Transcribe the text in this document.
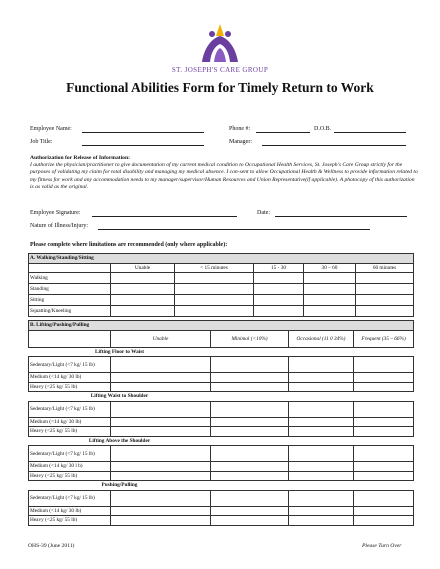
ST. JOSEPH'S CARE GROUP
Functional Abilities Form for Timely Return to Work
Employee Name:	Phone #:	D.O.B.
Job Title:	Manager:
Authorization for Release of Information:
I authorize the physician/practitioner to give documentation of my current medical condition to Occupational Health Services, St. Joseph's Care Group strictly for the purposes of validating my claim for total disability and managing my medical absence. I con-sent to allow Occupational Health & Wellness to provide information related to my fitness for work and any accommodation needs to my manager/supervisor/Human Resources and Union Representative(if applicable). A photocopy of this authorization is as valid as the original.
Employee Signature:	Date:
Nature of Illness/Injury:
Please complete where limitations are recommended (only where applicable):
A. Walking/Standing/Sitting					
	Unable	< 15 minutes	15 - 30	30 – 60	60 minutes
Walking					
Standing					
Sitting					
Squatting/Kneeling					
B. Lifting/Pushing/Pulling				
	Unable	Minimal (<10%)	Occasional (11 0 34%)	Frequent (35 – 66%)
Lifting Floor to Waist				
Sedentary/Light (<7 kg/ 15 lb)				
Medium (<14 kg/ 30 lb)				
Heavy (<25 kg/ 55 lb)				
Lifting Waist to Shoulder				
Sedentary/Light (<7 kg/ 15 lb)				
Medium (<14 kg/ 30 lb)				
Heavy (<25 kg/ 55 lb)				
Lifting Above the Shoulder				
Sedentary/Light (<7 kg/ 15 lb)				
Medium (<14 kg/ 30 l b)				
Heavy (<25 kg/ 55 lb)				
Pushing/Pulling				
Sedentary/Light (<7 kg/ 15 lb)				
Medium (<14 kg/ 30 lb)				
Heavy (<25 kg/ 55 lb)				
OHS-39 (June 2011)	Please Turn Over
